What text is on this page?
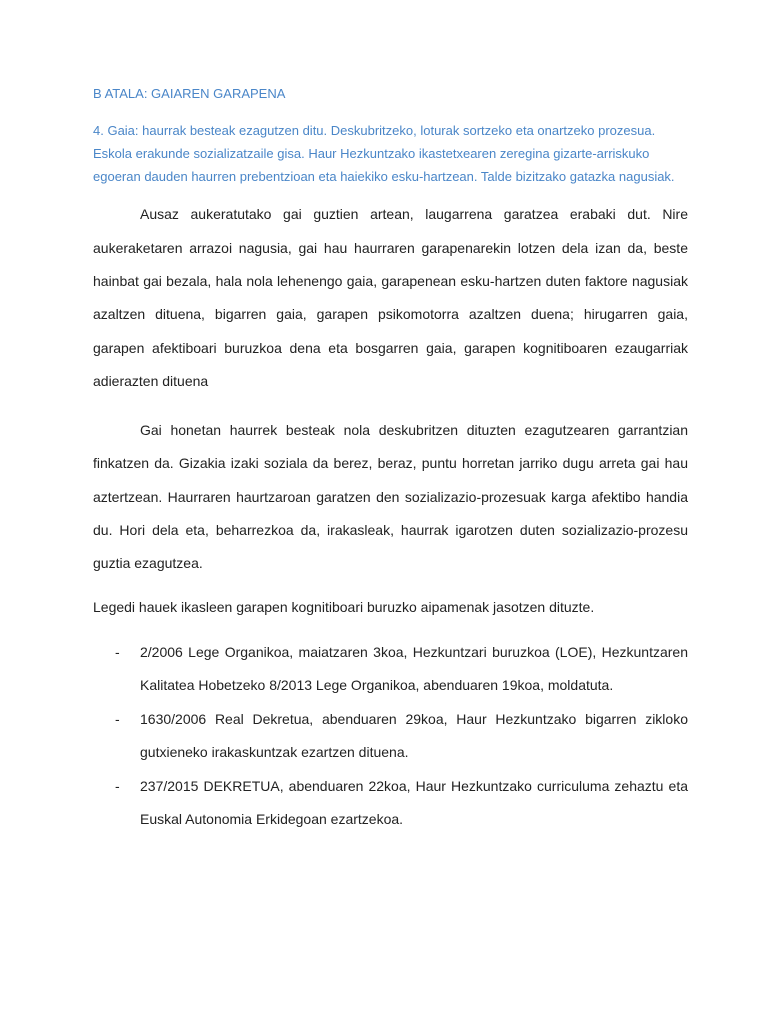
B ATALA: GAIAREN GARAPENA

4. Gaia: haurrak besteak ezagutzen ditu. Deskubritzeko, loturak sortzeko eta onartzeko prozesua. Eskola erakunde sozializatzaile gisa. Haur Hezkuntzako ikastetxearen zeregina gizarte-arriskuko egoeran dauden haurren prebentzioan eta haiekiko esku-hartzean. Talde bizitzako gatazka nagusiak.

Ausaz aukeratutako gai guztien artean, laugarrena garatzea erabaki dut. Nire aukeraketaren arrazoi nagusia, gai hau haurraren garapenarekin lotzen dela izan da, beste hainbat gai bezala, hala nola lehenengo gaia, garapenean esku-hartzen duten faktore nagusiak azaltzen dituena, bigarren gaia, garapen psikomotorra azaltzen duena; hirugarren gaia, garapen afektiboari buruzkoa dena eta bosgarren gaia, garapen kognitiboaren ezaugarriak adierazten dituena

Gai honetan haurrek besteak nola deskubritzen dituzten ezagutzearen garrantzian finkatzen da. Gizakia izaki soziala da berez, beraz, puntu horretan jarriko dugu arreta gai hau aztertzean. Haurraren haurtzaroan garatzen den sozializazio-prozesuak karga afektibo handia du. Hori dela eta, beharrezkoa da, irakasleak, haurrak igarotzen duten sozializazio-prozesu guztia ezagutzea.

Legedi hauek ikasleen garapen kognitiboari buruzko aipamenak jasotzen dituzte.

- 2/2006 Lege Organikoa, maiatzaren 3koa, Hezkuntzari buruzkoa (LOE), Hezkuntzaren Kalitatea Hobetzeko 8/2013 Lege Organikoa, abenduaren 19koa, moldatuta.
- 1630/2006 Real Dekretua, abenduaren 29koa, Haur Hezkuntzako bigarren zikloko gutxieneko irakaskuntzak ezartzen dituena.
- 237/2015 DEKRETUA, abenduaren 22koa, Haur Hezkuntzako curriculuma zehaztu eta Euskal Autonomia Erkidegoan ezartzekoa.
